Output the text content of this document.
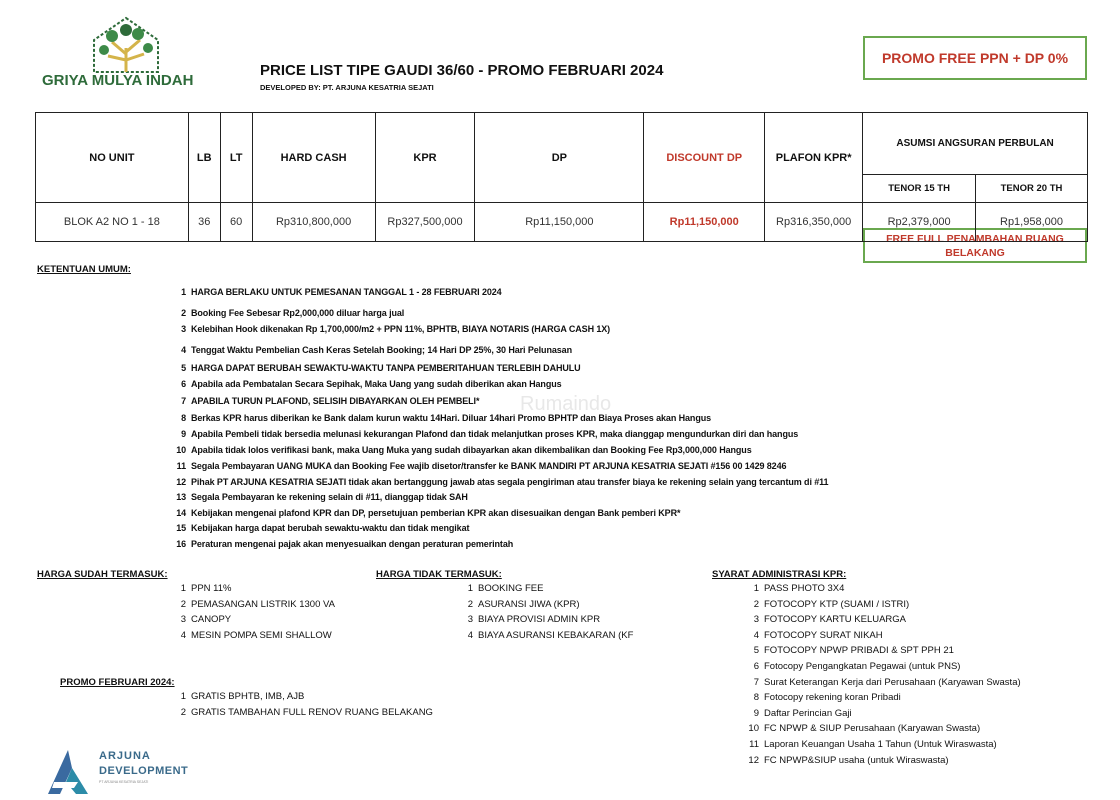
GRIYA MULYA INDAH
PRICE LIST TIPE GAUDI 36/60 - PROMO FEBRUARI 2024
DEVELOPED BY: PT. ARJUNA KESATRIA SEJATI
PROMO FREE PPN + DP 0%
FREE FULL PENAMBAHAN RUANG BELAKANG
NO UNIT	LB	LT	HARD CASH	KPR	DP	DISCOUNT DP	PLAFON KPR*	ASUMSI ANGSURAN PERBULAN	
								TENOR 15 TH	TENOR 20 TH
BLOK A2 NO 1 - 18	36	60	Rp310,800,000	Rp327,500,000	Rp11,150,000	Rp11,150,000	Rp316,350,000	Rp2,379,000	Rp1,958,000
Rumaindo
KETENTUAN UMUM:
1 HARGA BERLAKU UNTUK PEMESANAN TANGGAL 1 - 28 FEBRUARI 2024
2 Booking Fee Sebesar Rp2,000,000 diluar harga jual
3 Kelebihan Hook dikenakan Rp 1,700,000/m2 + PPN 11%, BPHTB, BIAYA NOTARIS (HARGA CASH 1X)
4 Tenggat Waktu Pembelian Cash Keras Setelah Booking; 14 Hari DP 25%, 30 Hari Pelunasan
5 HARGA DAPAT BERUBAH SEWAKTU-WAKTU TANPA PEMBERITAHUAN TERLEBIH DAHULU
6 Apabila ada Pembatalan Secara Sepihak, Maka Uang yang sudah diberikan akan Hangus
7 APABILA TURUN PLAFOND, SELISIH DIBAYARKAN OLEH PEMBELI*
8 Berkas KPR harus diberikan ke Bank dalam kurun waktu 14Hari. Diluar 14hari Promo BPHTP dan Biaya Proses akan Hangus
9 Apabila Pembeli tidak bersedia melunasi kekurangan Plafond dan tidak melanjutkan proses KPR, maka dianggap mengundurkan diri dan hangus
10 Apabila tidak lolos verifikasi bank, maka Uang Muka yang sudah dibayarkan akan dikembalikan dan Booking Fee Rp3,000,000 Hangus
11 Segala Pembayaran UANG MUKA dan Booking Fee wajib disetor/transfer ke BANK MANDIRI PT ARJUNA KESATRIA SEJATI #156 00 1429 8246
12 Pihak PT ARJUNA KESATRIA SEJATI tidak akan bertanggung jawab atas segala pengiriman atau transfer biaya ke rekening selain yang tercantum di #11
13 Segala Pembayaran ke rekening selain di #11, dianggap tidak SAH
14 Kebijakan mengenai plafond KPR dan DP, persetujuan pemberian KPR akan disesuaikan dengan Bank pemberi KPR*
15 Kebijakan harga dapat berubah sewaktu-waktu dan tidak mengikat
16 Peraturan mengenai pajak akan menyesuaikan dengan peraturan pemerintah
HARGA SUDAH TERMASUK:
1 PPN 11%
2 PEMASANGAN LISTRIK 1300 VA
3 CANOPY
4 MESIN POMPA SEMI SHALLOW
HARGA TIDAK TERMASUK:
1 BOOKING FEE
2 ASURANSI JIWA (KPR)
3 BIAYA PROVISI ADMIN KPR
4 BIAYA ASURANSI KEBAKARAN (KF
SYARAT ADMINISTRASI KPR:
1 PASS PHOTO 3X4
2 FOTOCOPY KTP (SUAMI / ISTRI)
3 FOTOCOPY KARTU KELUARGA
4 FOTOCOPY SURAT NIKAH
5 FOTOCOPY NPWP PRIBADI & SPT PPH 21
6 Fotocopy Pengangkatan Pegawai (untuk PNS)
7 Surat Keterangan Kerja dari Perusahaan (Karyawan Swasta)
8 Fotocopy rekening koran Pribadi
9 Daftar Perincian Gaji
10 FC NPWP & SIUP Perusahaan (Karyawan Swasta)
11 Laporan Keuangan Usaha 1 Tahun (Untuk Wiraswasta)
12 FC NPWP&SIUP usaha (untuk Wiraswasta)
PROMO FEBRUARI 2024:
1 GRATIS BPHTB, IMB, AJB
2 GRATIS TAMBAHAN FULL RENOV RUANG BELAKANG
ARJUNA
DEVELOPMENT
PT ARJUNA KESATRIA SEJATI
